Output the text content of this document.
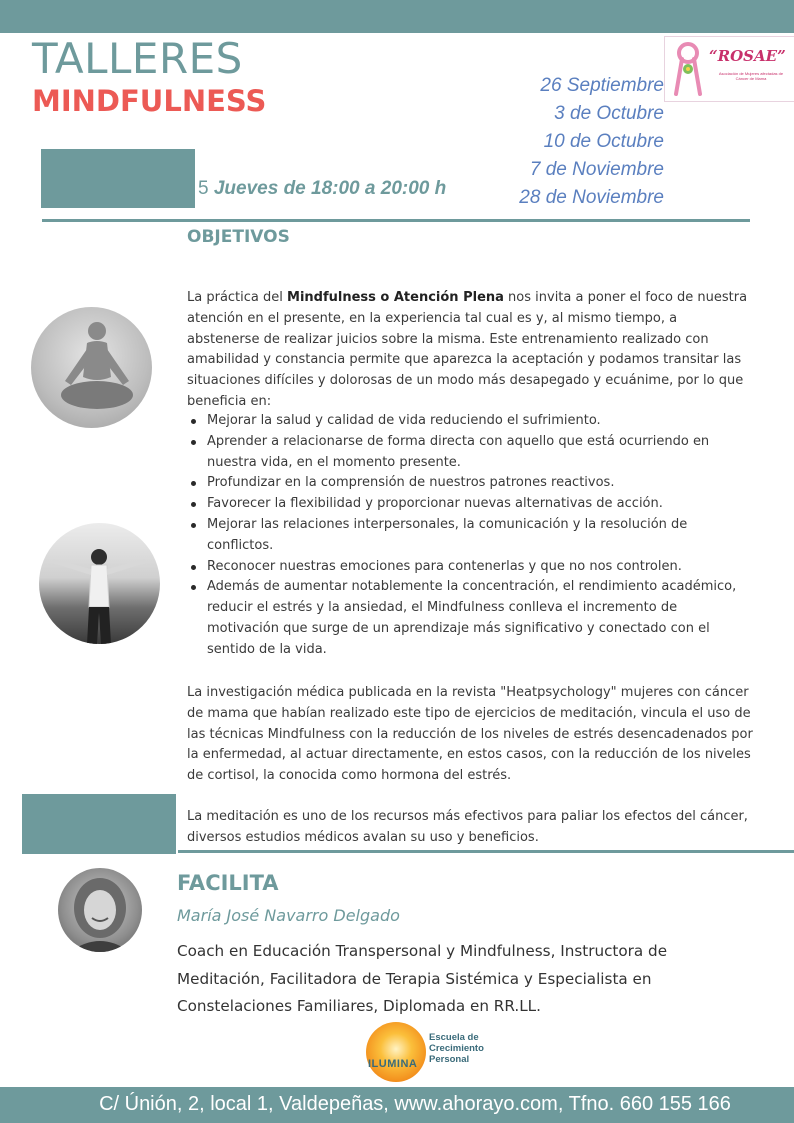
TALLERES
MINDFULNESS
“ROSAE”
Asociación de Mujeres afectadas de Cáncer de Mama
26 Septiembre
3 de Octubre
10 de Octubre
7 de Noviembre
28 de Noviembre
5 Jueves de 18:00 a 20:00 h
OBJETIVOS

La práctica del Mindfulness o Atención Plena nos invita a poner el foco de nuestra atención en el presente, en la experiencia tal cual es y, al mismo tiempo, a abstenerse de realizar juicios sobre la misma. Este entrenamiento realizado con amabilidad y constancia permite que aparezca la aceptación y podamos transitar las situaciones difíciles y dolorosas de un modo más desapegado y ecuánime, por lo que beneficia en:

Mejorar la salud y calidad de vida reduciendo el sufrimiento.
Aprender a relacionarse de forma directa con aquello que está ocurriendo en nuestra vida, en el momento presente.
Profundizar en la comprensión de nuestros patrones reactivos.
Favorecer la flexibilidad y proporcionar nuevas alternativas de acción.
Mejorar las relaciones interpersonales, la comunicación y la resolución de conflictos.
Reconocer nuestras emociones para contenerlas y que no nos controlen.
Además de aumentar notablemente la concentración, el rendimiento académico, reducir el estrés y la ansiedad, el Mindfulness conlleva el incremento de motivación que surge de un aprendizaje más significativo y conectado con el sentido de la vida.

La investigación médica publicada en la revista "Heatpsychology" mujeres con cáncer de mama que habían realizado este tipo de ejercicios de meditación, vincula el uso de las técnicas Mindfulness con la reducción de los niveles de estrés desencadenados por la enfermedad, al actuar directamente, en estos casos, con la reducción de los niveles de cortisol, la conocida como hormona del estrés.

La meditación es uno de los recursos más efectivos para paliar los efectos del cáncer, diversos estudios médicos avalan su uso y beneficios.

FACILITA
María José Navarro Delgado
Coach en Educación Transpersonal y Mindfulness, Instructora de Meditación, Facilitadora de Terapia Sistémica y Especialista en Constelaciones Familiares, Diplomada en RR.LL.
ILUMINA
Escuela de
Crecimiento
Personal
C/ Únión, 2, local 1, Valdepeñas, www.ahorayo.com, Tfno. 660 155 166
